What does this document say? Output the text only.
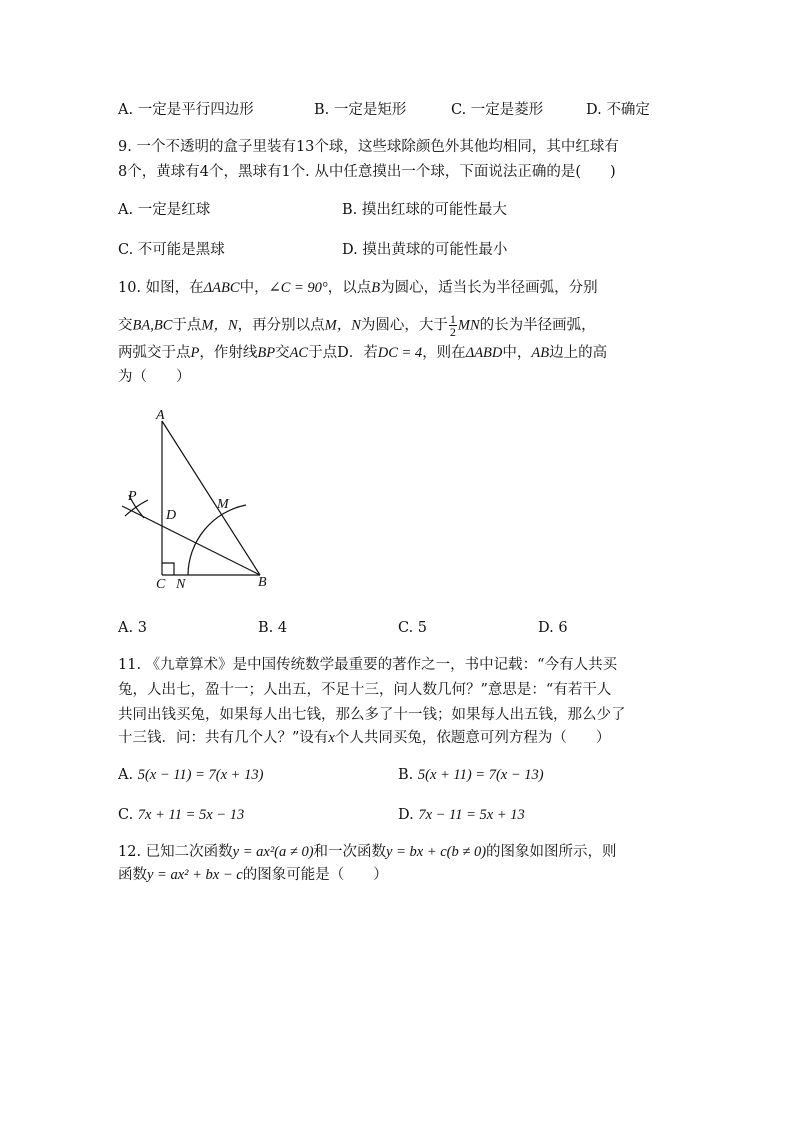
A. 一定是平行四边形	B. 一定是矩形	C. 一定是菱形	D. 不确定
9. 一个不透明的盒子里装有13个球，这些球除颜色外其他均相同，其中红球有
8个，黄球有4个，黑球有1个. 从中任意摸出一个球，下面说法正确的是(　　)
A. 一定是红球	B. 摸出红球的可能性最大
C. 不可能是黑球	D. 摸出黄球的可能性最小
10. 如图，在ΔABC中，∠C = 90°，以点B为圆心，适当长为半径画弧，分别
交BA,BC于点M，N，再分别以点M，N为圆心，大于 $\frac{1}{2}$ MN的长为半径画弧，
两弧交于点P，作射线BP交AC于点D．若DC = 4，则在ΔABD中，AB边上的高
为（　　）
A
P
D
M
C N	B
A. 3	B. 4	C. 5	D. 6
11. 《九章算术》是中国传统数学最重要的著作之一，书中记载：“今有人共买
兔，人出七，盈十一；人出五，不足十三，问人数几何？”意思是：“有若干人
共同出钱买兔，如果每人出七钱，那么多了十一钱；如果每人出五钱，那么少了
十三钱．问：共有几个人？”设有x个人共同买兔，依题意可列方程为（　　）
A. 5(x − 11) = 7(x + 13)	B. 5(x + 11) = 7(x − 13)
C. 7x + 11 = 5x − 13	D. 7x − 11 = 5x + 13
12. 已知二次函数y = ax²(a ≠ 0)和一次函数y = bx + c(b ≠ 0)的图象如图所示，则
函数y = ax² + bx − c的图象可能是（　　）
